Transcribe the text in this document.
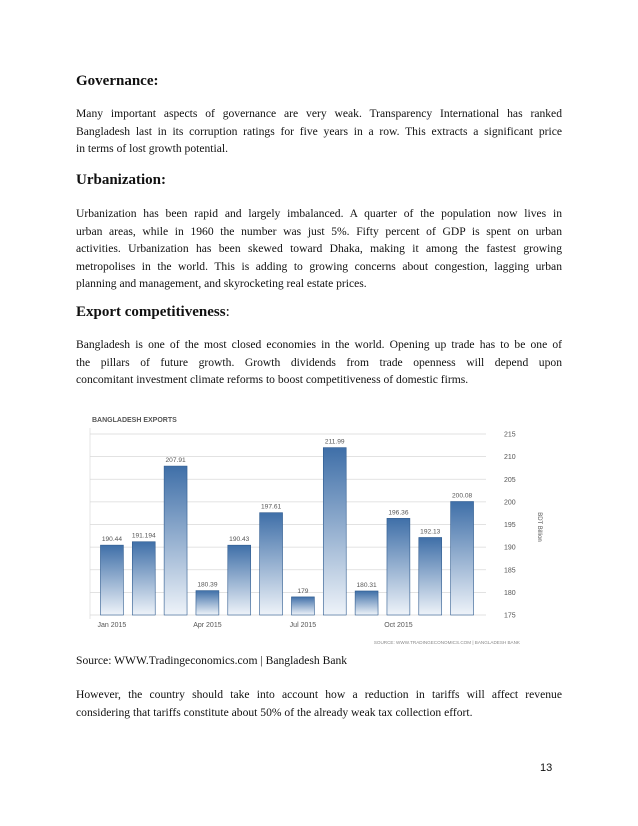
Governance:

Many important aspects of governance are very weak. Transparency International has ranked
Bangladesh last in its corruption ratings for five years in a row. This extracts a significant price
in terms of lost growth potential.

Urbanization:

Urbanization has been rapid and largely imbalanced. A quarter of the population now lives in
urban areas, while in 1960 the number was just 5%. Fifty percent of GDP is spent on urban
activities. Urbanization has been skewed toward Dhaka, making it among the fastest growing
metropolises in the world. This is adding to growing concerns about congestion, lagging urban
planning and management, and skyrocketing real estate prices.

Export competitiveness:

Bangladesh is one of the most closed economies in the world. Opening up trade has to be one of
the pillars of future growth. Growth dividends from trade openness will depend upon
concomitant investment climate reforms to boost competitiveness of domestic firms.

BANGLADESH EXPORTS
190.44 191.194
207.91
180.39
190.43
197.61
179
211.99
180.31
196.36
192.13
200.08
175
180
185
190
195
200
205
210
215
Jan 2015	Apr 2015	Jul 2015	Oct 2015
BDT Billion
SOURCE: WWW.TRADINGECONOMICS.COM | BANGLADESH BANK
Source: WWW.Tradingeconomics.com | Bangladesh Bank

However, the country should take into account how a reduction in tariffs will affect revenue
considering that tariffs constitute about 50% of the already weak tax collection effort.

13
